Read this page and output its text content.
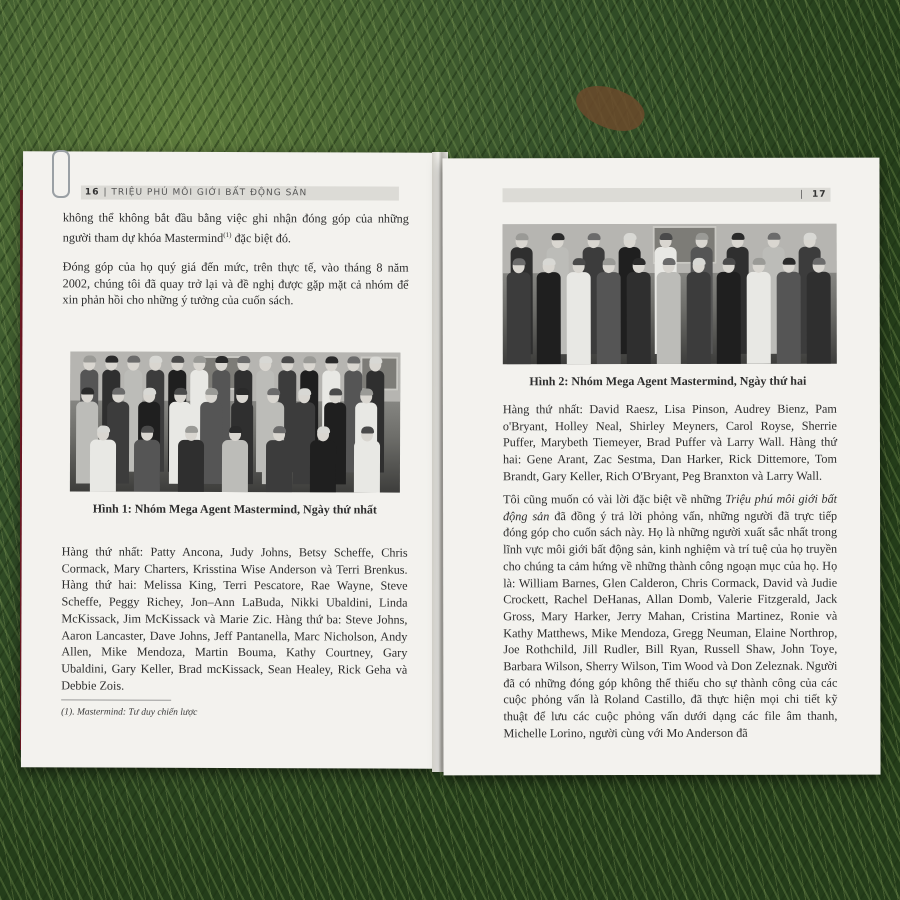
16 | TRIỆU PHÚ MÔI GIỚI BẤT ĐỘNG SẢN

không thể không bắt đầu bằng việc ghi nhận đóng góp của những người tham dự khóa Mastermind$^{(1)}$ đặc biệt đó.

Đóng góp của họ quý giá đến mức, trên thực tế, vào tháng 8 năm 2002, chúng tôi đã quay trở lại và đề nghị được gặp mặt cả nhóm để xin phản hồi cho những ý tưởng của cuốn sách.

Hình 1: Nhóm Mega Agent Mastermind, Ngày thứ nhất

Hàng thứ nhất: Patty Ancona, Judy Johns, Betsy Scheffe, Chris Cormack, Mary Charters, Krisstina Wise Anderson và Terri Brenkus. Hàng thứ hai: Melissa King, Terri Pescatore, Rae Wayne, Steve Scheffe, Peggy Richey, Jon–Ann LaBuda, Nikki Ubaldini, Linda McKissack, Jim McKissack và Marie Zic. Hàng thứ ba: Steve Johns, Aaron Lancaster, Dave Johns, Jeff Pantanella, Marc Nicholson, Andy Allen, Mike Mendoza, Martin Bouma, Kathy Courtney, Gary Ubaldini, Gary Keller, Brad mcKissack, Sean Healey, Rick Geha và Debbie Zois.

(1). Mastermind: Tư duy chiến lược

| 17

Hình 2: Nhóm Mega Agent Mastermind, Ngày thứ hai

Hàng thứ nhất: David Raesz, Lisa Pinson, Audrey Bienz, Pam o'Bryant, Holley Neal, Shirley Meyners, Carol Royse, Sherrie Puffer, Marybeth Tiemeyer, Brad Puffer và Larry Wall. Hàng thứ hai: Gene Arant, Zac Sestma, Dan Harker, Rick Dittemore, Tom Brandt, Gary Keller, Rich O'Bryant, Peg Branxton và Larry Wall.

Tôi cũng muốn có vài lời đặc biệt về những Triệu phú môi giới bất động sản đã đồng ý trả lời phỏng vấn, những người đã trực tiếp đóng góp cho cuốn sách này. Họ là những người xuất sắc nhất trong lĩnh vực môi giới bất động sản, kinh nghiệm và trí tuệ của họ truyền cho chúng ta cảm hứng về những thành công ngoạn mục của họ. Họ là: William Barnes, Glen Calderon, Chris Cormack, David và Judie Crockett, Rachel DeHanas, Allan Domb, Valerie Fitzgerald, Jack Gross, Mary Harker, Jerry Mahan, Cristina Martinez, Ronie và Kathy Matthews, Mike Mendoza, Gregg Neuman, Elaine Northrop, Joe Rothchild, Jill Rudler, Bill Ryan, Russell Shaw, John Toye, Barbara Wilson, Sherry Wilson, Tim Wood và Don Zeleznak. Người đã có những đóng góp không thể thiếu cho sự thành công của các cuộc phỏng vấn là Roland Castillo, đã thực hiện mọi chi tiết kỹ thuật để lưu các cuộc phỏng vấn dưới dạng các file âm thanh, Michelle Lorino, người cùng với Mo Anderson đã
